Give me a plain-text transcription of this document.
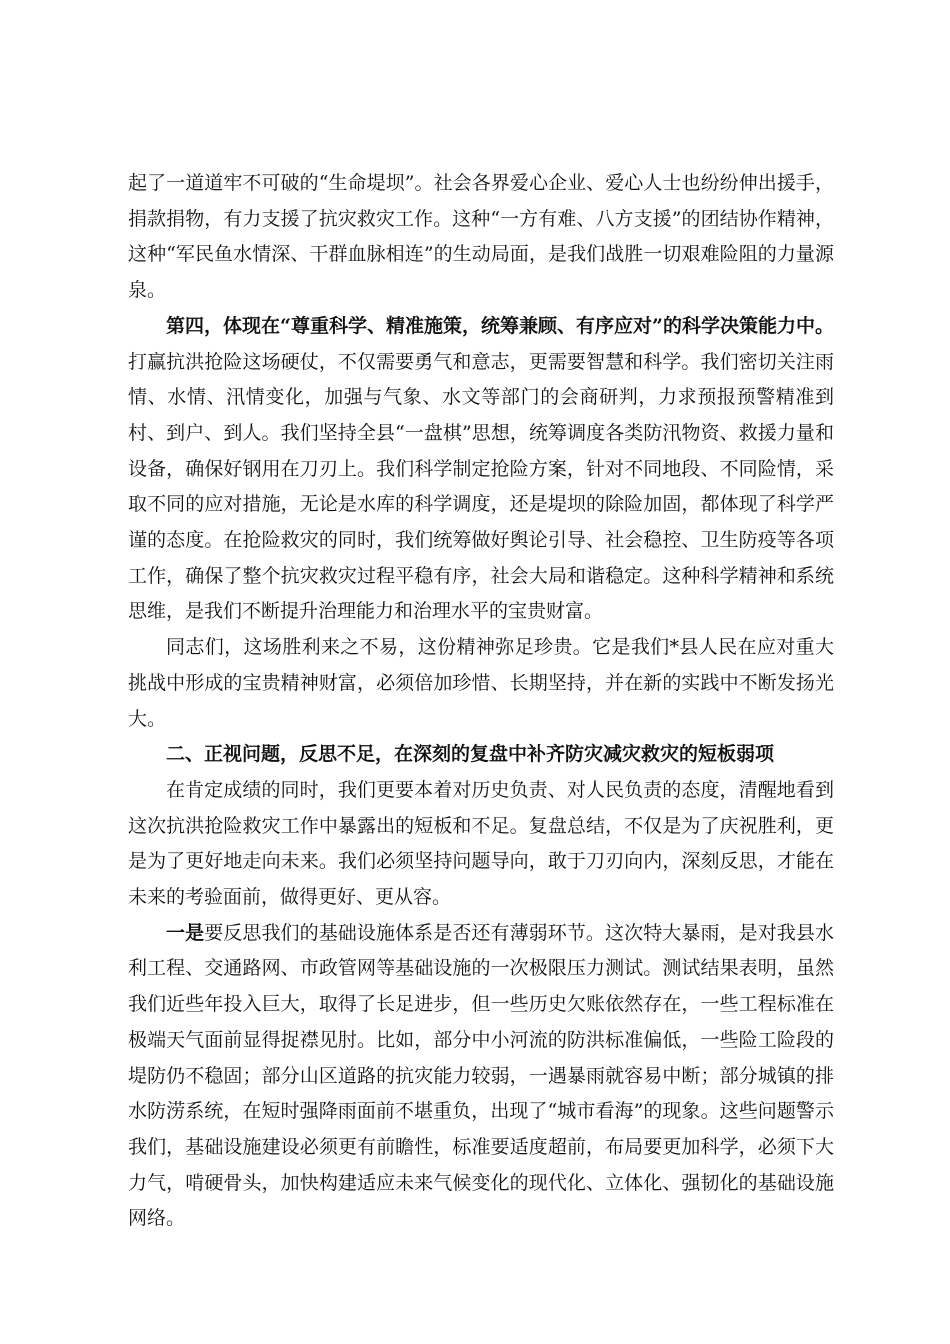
起了一道道牢不可破的“生命堤坝”。社会各界爱心企业、爱心人士也纷纷伸出援手，捐款捐物，有力支援了抗灾救灾工作。这种“一方有难、八方支援”的团结协作精神，这种“军民鱼水情深、干群血脉相连”的生动局面，是我们战胜一切艰难险阻的力量源泉。

第四，体现在“尊重科学、精准施策，统筹兼顾、有序应对”的科学决策能力中。打赢抗洪抢险这场硬仗，不仅需要勇气和意志，更需要智慧和科学。我们密切关注雨情、水情、汛情变化，加强与气象、水文等部门的会商研判，力求预报预警精准到村、到户、到人。我们坚持全县“一盘棋”思想，统筹调度各类防汛物资、救援力量和设备，确保好钢用在刀刃上。我们科学制定抢险方案，针对不同地段、不同险情，采取不同的应对措施，无论是水库的科学调度，还是堤坝的除险加固，都体现了科学严谨的态度。在抢险救灾的同时，我们统筹做好舆论引导、社会稳控、卫生防疫等各项工作，确保了整个抗灾救灾过程平稳有序，社会大局和谐稳定。这种科学精神和系统思维，是我们不断提升治理能力和治理水平的宝贵财富。

同志们，这场胜利来之不易，这份精神弥足珍贵。它是我们*县人民在应对重大挑战中形成的宝贵精神财富，必须倍加珍惜、长期坚持，并在新的实践中不断发扬光大。

二、正视问题，反思不足，在深刻的复盘中补齐防灾减灾救灾的短板弱项

在肯定成绩的同时，我们更要本着对历史负责、对人民负责的态度，清醒地看到这次抗洪抢险救灾工作中暴露出的短板和不足。复盘总结，不仅是为了庆祝胜利，更是为了更好地走向未来。我们必须坚持问题导向，敢于刀刃向内，深刻反思，才能在未来的考验面前，做得更好、更从容。

一是要反思我们的基础设施体系是否还有薄弱环节。这次特大暴雨，是对我县水利工程、交通路网、市政管网等基础设施的一次极限压力测试。测试结果表明，虽然我们近些年投入巨大，取得了长足进步，但一些历史欠账依然存在，一些工程标准在极端天气面前显得捉襟见肘。比如，部分中小河流的防洪标准偏低，一些险工险段的堤防仍不稳固；部分山区道路的抗灾能力较弱，一遇暴雨就容易中断；部分城镇的排水防涝系统，在短时强降雨面前不堪重负，出现了“城市看海”的现象。这些问题警示我们，基础设施建设必须更有前瞻性，标准要适度超前，布局要更加科学，必须下大力气，啃硬骨头，加快构建适应未来气候变化的现代化、立体化、强韧化的基础设施网络。
